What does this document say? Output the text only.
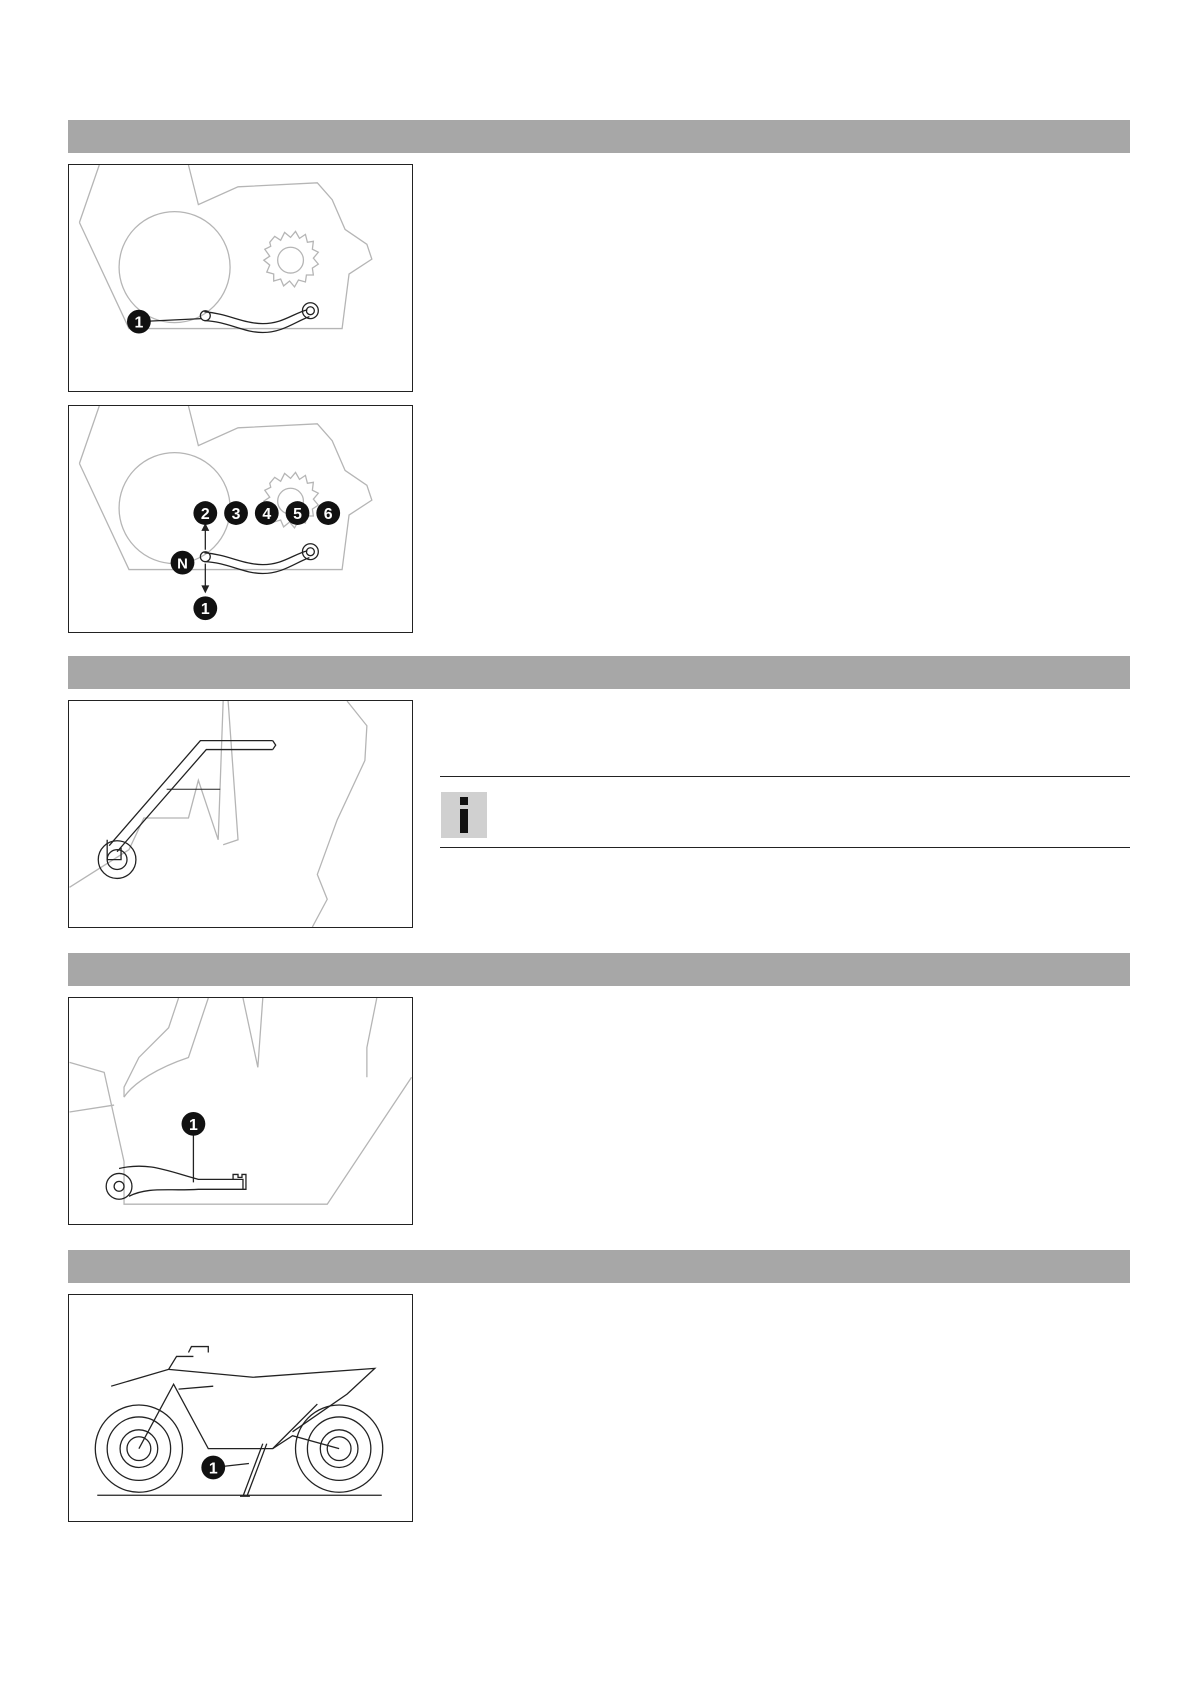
1
N
1
2 3 4 5 6
1
1
